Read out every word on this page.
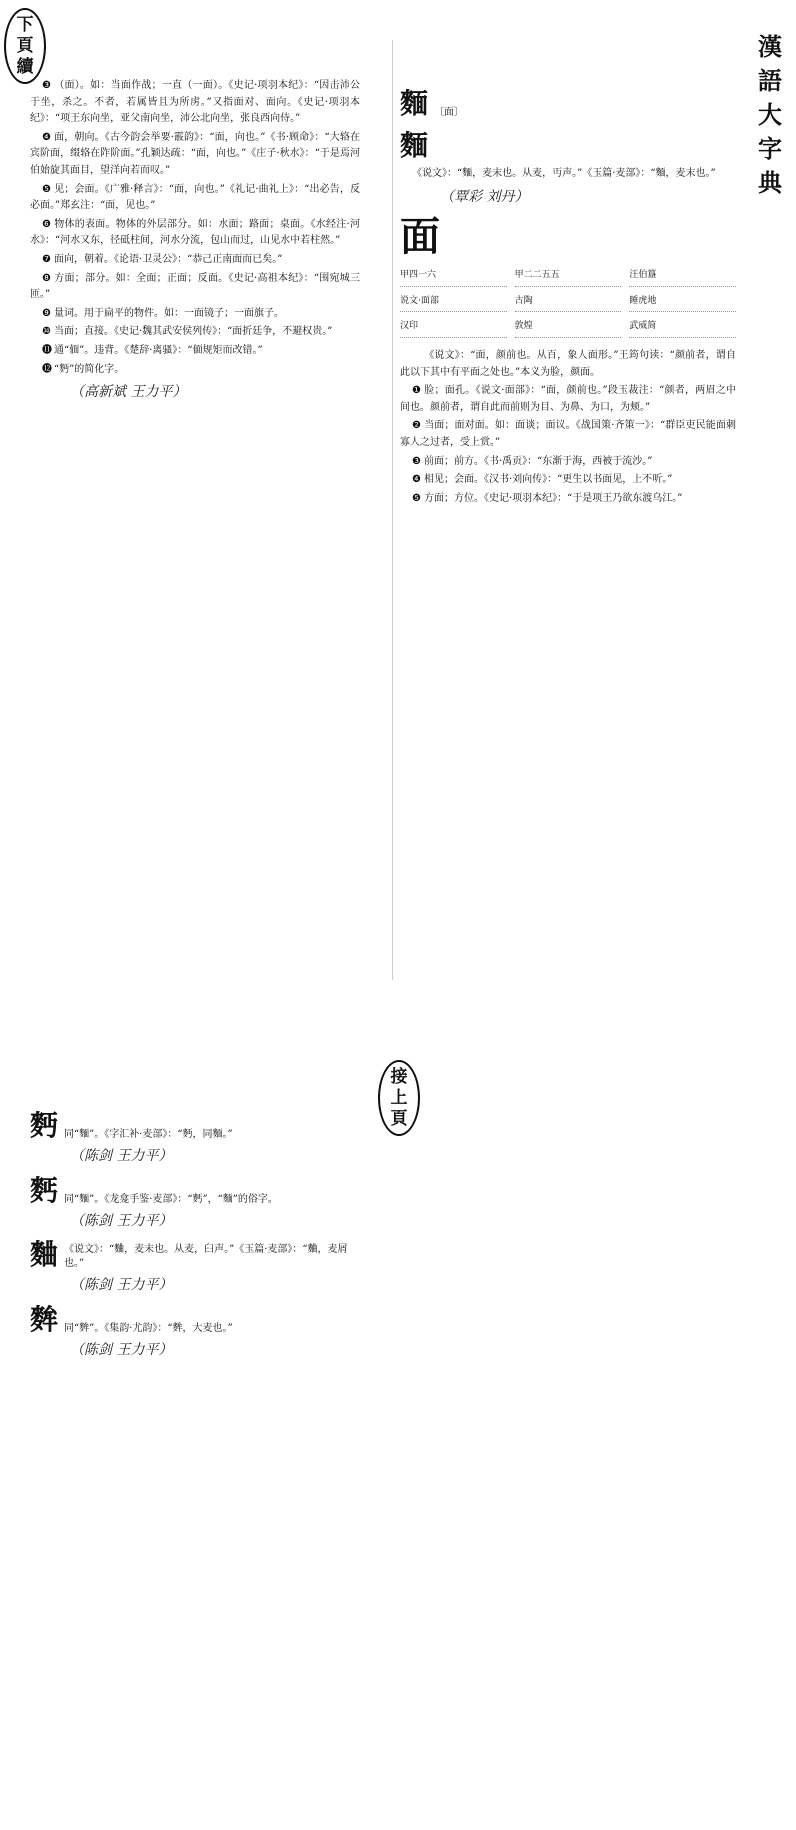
下
頁
續
漢
語
大
字
典

❸ （面）。如：当面作战；一直（一面）。《史记·项羽本纪》：“因击沛公于坐，杀之。不者，若属皆且为所虏。”又指面对、面向。《史记·项羽本纪》：“项王东向坐，亚父南向坐，沛公北向坐，张良西向侍。”

❹ 面，朝向。《古今韵会举要·霰韵》：“面，向也。”《书·顾命》：“大辂在宾阶面，缀辂在阼阶面。”孔颖达疏：“面，向也。”《庄子·秋水》：“于是焉河伯始旋其面目，望洋向若而叹。”

❺ 见；会面。《广雅·释言》：“面，向也。”《礼记·曲礼上》：“出必告，反必面。”郑玄注：“面，见也。”

❻ 物体的表面。物体的外层部分。如：水面；路面；桌面。《水经注·河水》：“河水又东，径砥柱间，河水分流，包山而过，山见水中若柱然。”

❼ 面向，朝着。《论语·卫灵公》：“恭己正南面而已矣。”

❽ 方面；部分。如：全面；正面；反面。《史记·高祖本纪》：“围宛城三匝。”

❾ 量词。用于扁平的物件。如：一面镜子；一面旗子。

❿ 当面；直接。《史记·魏其武安侯列传》：“面折廷争，不避权贵。”

⓫ 通“偭”。违背。《楚辞·离骚》：“偭规矩而改错。”

⓬ “麪”的简化字。

（高新斌 王力平）
麵 〔面〕
麵

《说文》：“麵，麦末也。从麦，丏声。”《玉篇·麦部》：“麵，麦末也。”

（覃彩 刘丹）
面
甲四一六	甲二二五五	汪伯簋
说文·面部	古陶	睡虎地
汉印	敦煌	武威简

《说文》：“面，颜前也。从百，象人面形。”王筠句读：“颜前者，谓自此以下其中有平面之处也。”本义为脸，颜面。

❶ 脸；面孔。《说文·面部》：“面，颜前也。”段玉裁注：“颜者，两眉之中间也。颜前者，谓自此而前则为目、为鼻、为口，为颊。”

❷ 当面；面对面。如：面谈；面议。《战国策·齐策一》：“群臣吏民能面刺寡人之过者，受上赏。”

❸ 前面；前方。《书·禹贡》：“东渐于海，西被于流沙。”

❹ 相见；会面。《汉书·刘向传》：“更生以书面见，上不听。”

❺ 方面；方位。《史记·项羽本纪》：“于是项王乃欲东渡乌江。”

接
上
頁
麪 同“麵”。《字汇补·麦部》：“麪，同麵。”
（陈剑 王力平）
麫 同“麵”。《龙龛手鉴·麦部》：“麫”，“麵”的俗字。
（陈剑 王力平）
麯 《说文》：“麯，麦末也。从麦，𦥑声。”《玉篇·麦部》：“麯，麦屑也。”
（陈剑 王力平）
麰 同“麰”。《集韵·尤韵》：“麰，大麦也。”
（陈剑 王力平）
